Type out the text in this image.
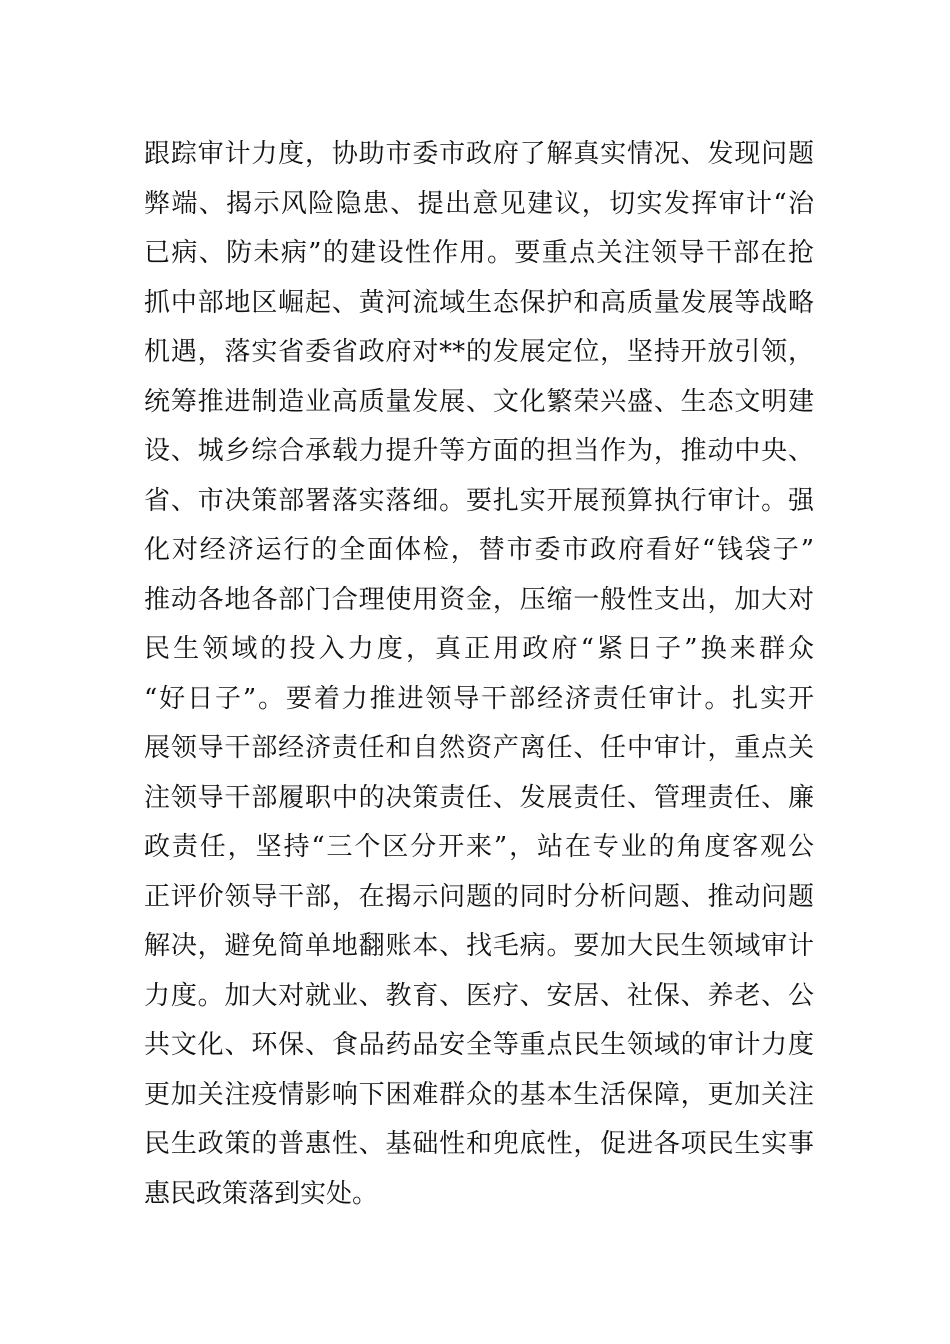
跟踪审计力度，协助市委市政府了解真实情况、发现问题
弊端、揭示风险隐患、提出意见建议，切实发挥审计“治
已病、防未病”的建设性作用。要重点关注领导干部在抢
抓中部地区崛起、黄河流域生态保护和高质量发展等战略
机遇，落实省委省政府对**的发展定位，坚持开放引领，
统筹推进制造业高质量发展、文化繁荣兴盛、生态文明建
设、城乡综合承载力提升等方面的担当作为，推动中央、
省、市决策部署落实落细。要扎实开展预算执行审计。强
化对经济运行的全面体检，替市委市政府看好“钱袋子”
推动各地各部门合理使用资金，压缩一般性支出，加大对
民生领域的投入力度，真正用政府“紧日子”换来群众
“好日子”。要着力推进领导干部经济责任审计。扎实开
展领导干部经济责任和自然资产离任、任中审计，重点关
注领导干部履职中的决策责任、发展责任、管理责任、廉
政责任，坚持“三个区分开来”，站在专业的角度客观公
正评价领导干部，在揭示问题的同时分析问题、推动问题
解决，避免简单地翻账本、找毛病。要加大民生领域审计
力度。加大对就业、教育、医疗、安居、社保、养老、公
共文化、环保、食品药品安全等重点民生领域的审计力度
更加关注疫情影响下困难群众的基本生活保障，更加关注
民生政策的普惠性、基础性和兜底性，促进各项民生实事
惠民政策落到实处。
